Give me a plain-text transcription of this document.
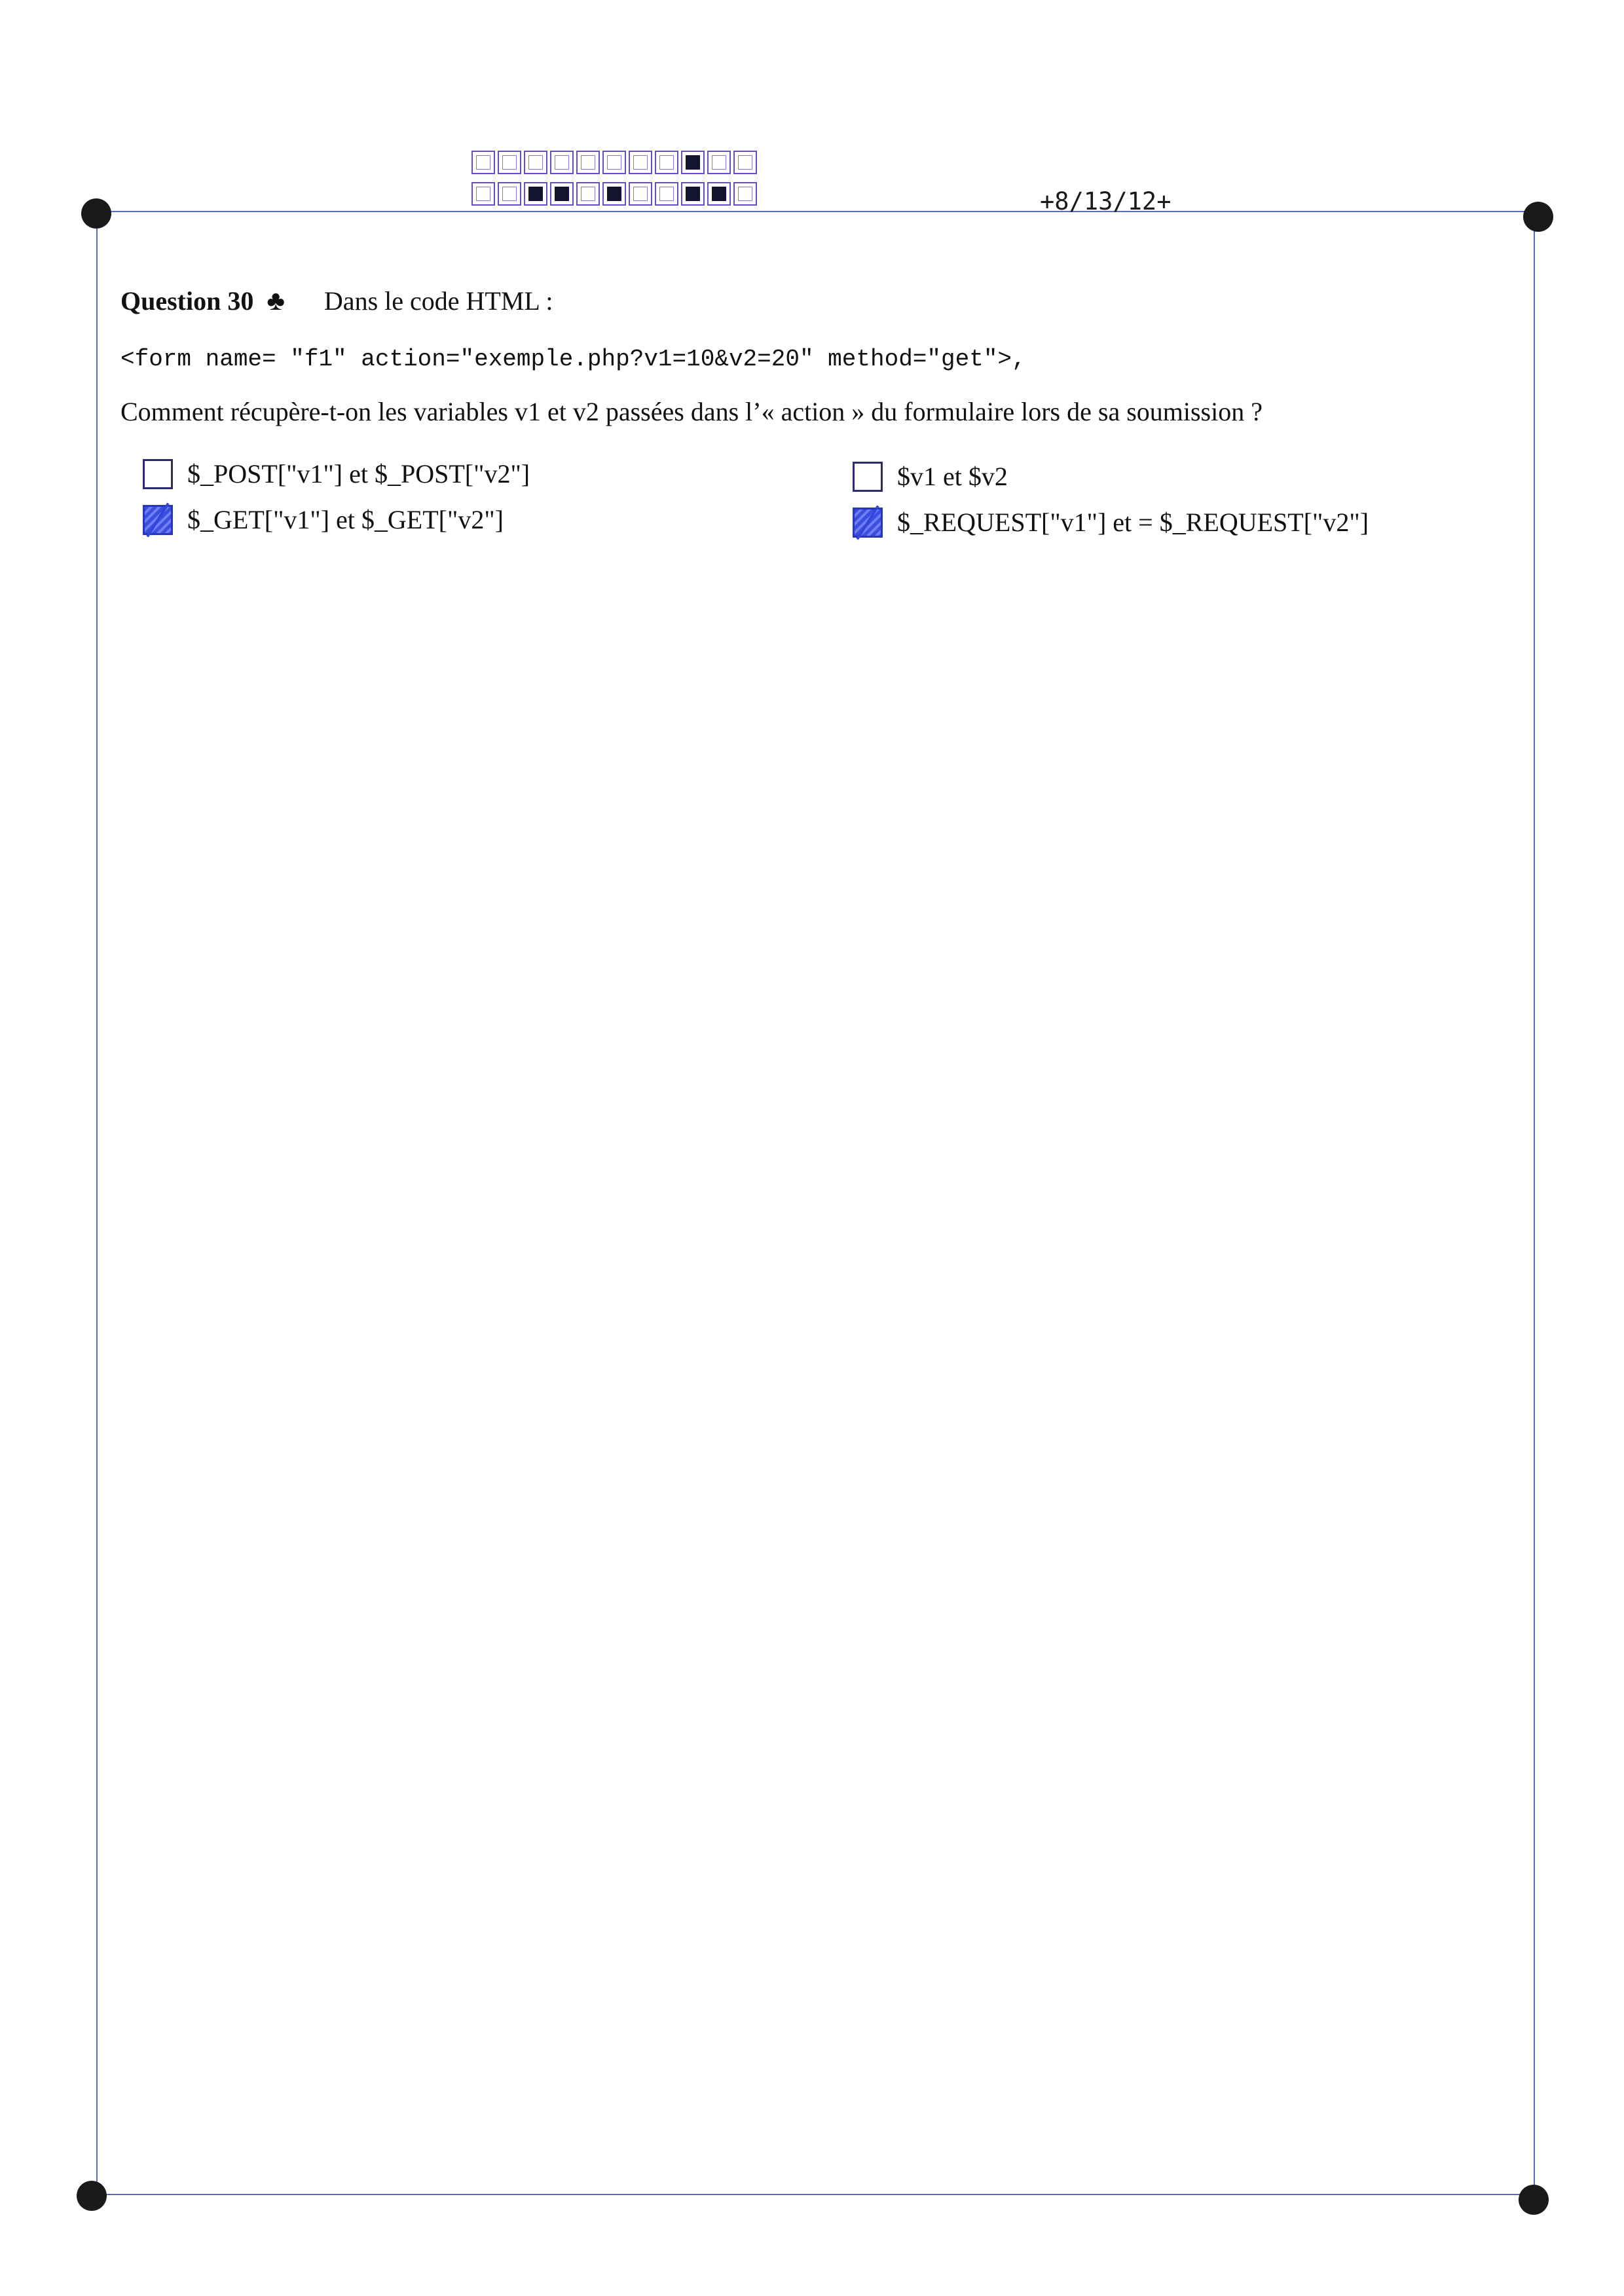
+8/13/12+
Question 30 ♣ Dans le code HTML :
<form name= "f1" action="exemple.php?v1=10&v2=20" method="get">,
Comment récupère-t-on les variables v1 et v2 passées dans l’« action » du formulaire lors de sa soumission ?
$_POST["v1"] et $_POST["v2"]	$v1 et $v2
$_GET["v1"] et $_GET["v2"]	$_REQUEST["v1"] et = $_REQUEST["v2"]
